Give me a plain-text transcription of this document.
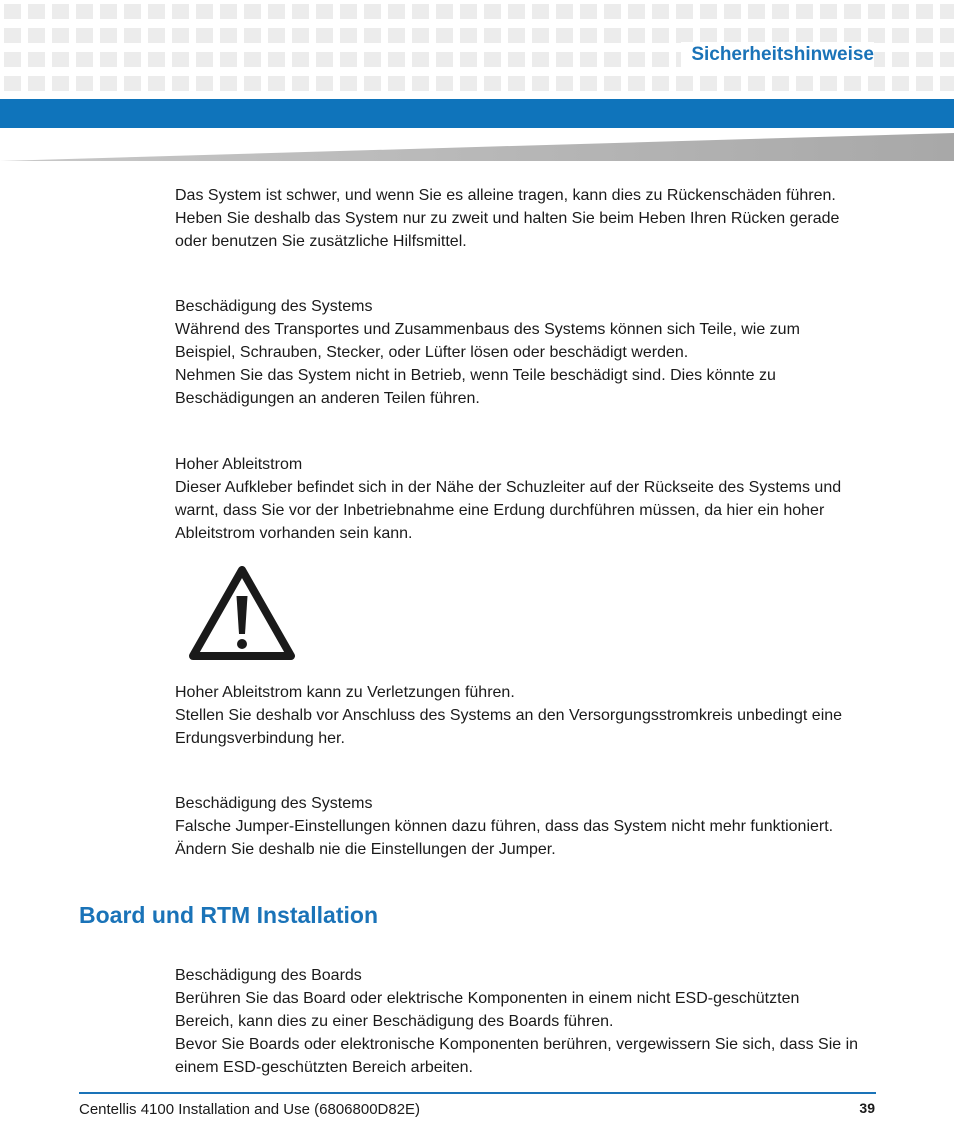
Sicherheitshinweise
Das System ist schwer, und wenn Sie es alleine tragen, kann dies zu Rückenschäden führen.
Heben Sie deshalb das System nur zu zweit und halten Sie beim Heben Ihren Rücken gerade
oder benutzen Sie zusätzliche Hilfsmittel.
Beschädigung des Systems
Während des Transportes und Zusammenbaus des Systems können sich Teile, wie zum
Beispiel, Schrauben, Stecker, oder Lüfter lösen oder beschädigt werden.
Nehmen Sie das System nicht in Betrieb, wenn Teile beschädigt sind. Dies könnte zu
Beschädigungen an anderen Teilen führen.
Hoher Ableitstrom
Dieser Aufkleber befindet sich in der Nähe der Schuzleiter auf der Rückseite des Systems und
warnt, dass Sie vor der Inbetriebnahme eine Erdung durchführen müssen, da hier ein hoher
Ableitstrom vorhanden sein kann.
Hoher Ableitstrom kann zu Verletzungen führen.
Stellen Sie deshalb vor Anschluss des Systems an den Versorgungsstromkreis unbedingt eine
Erdungsverbindung her.
Beschädigung des Systems
Falsche Jumper-Einstellungen können dazu führen, dass das System nicht mehr funktioniert.
Ändern Sie deshalb nie die Einstellungen der Jumper.
Board und RTM Installation
Beschädigung des Boards
Berühren Sie das Board oder elektrische Komponenten in einem nicht ESD-geschützten
Bereich, kann dies zu einer Beschädigung des Boards führen.
Bevor Sie Boards oder elektronische Komponenten berühren, vergewissern Sie sich, dass Sie in
einem ESD-geschützten Bereich arbeiten.
Centellis 4100 Installation and Use (6806800D82E)	39
